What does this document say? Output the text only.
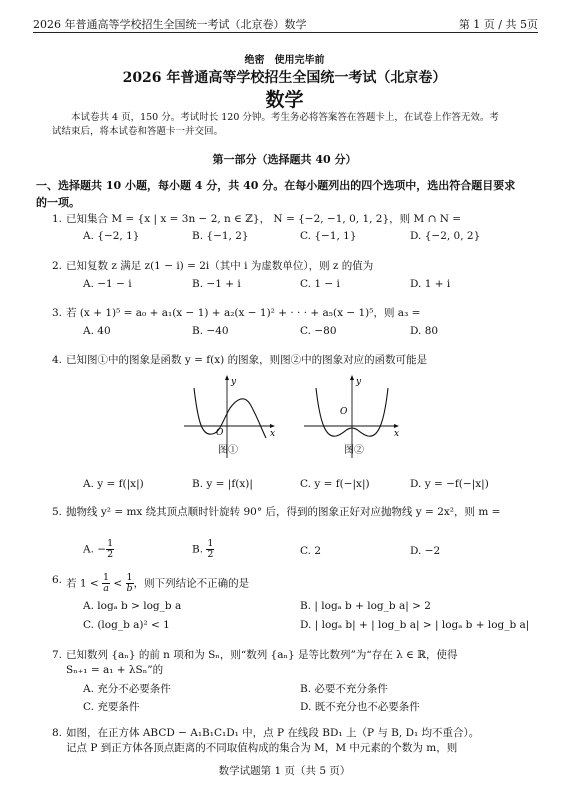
2026 年普通高等学校招生全国统一考试（北京卷）数学	第 1 页 / 共 5页
绝密　使用完毕前
2026 年普通高等学校招生全国统一考试（北京卷）
数学
本试卷共 4 页，150 分。考试时长 120 分钟。考生务必将答案答在答题卡上，在试卷上作答无效。考试结束后，将本试卷和答题卡一并交回。
第一部分（选择题共 40 分）
一、选择题共 10 小题，每小题 4 分，共 40 分。在每小题列出的四个选项中，选出符合题目要求的一项。
1. 已知集合 M = {x | x = 3n − 2, n ∈ ℤ}， N = {−2, −1, 0, 1, 2}，则 M ∩ N =
A. {−2, 1}	B. {−1, 2}	C. {−1, 1}	D. {−2, 0, 2}
2. 已知复数 z 满足 z(1 − i) = 2i（其中 i 为虚数单位），则 z 的值为
A. −1 − i	B. −1 + i	C. 1 − i	D. 1 + i
3. 若 (x + 1)⁵ = a₀ + a₁(x − 1) + a₂(x − 1)² + · · · + a₅(x − 1)⁵，则 a₃ =
A. 40	B. −40	C. −80	D. 80
4. 已知图①中的图象是函数 y = f(x) 的图象，则图②中的图象对应的函数可能是
y
x
O
图①
y
x
O
图②
A. y = f(|x|)	B. y = |f(x)|	C. y = f(−|x|)	D. y = −f(−|x|)
5. 抛物线 y² = mx 绕其顶点顺时针旋转 90° 后，得到的图象正好对应抛物线 y = 2x²，则 m =
A. − $\frac{1}{2}$	B. $\frac{1}{2}$	C. 2	D. −2
6. 若 $1 < \frac{1}{a} < \frac{1}{b}$ ，则下列结论不正确的是
A. logₐ b > log_b a	B. | logₐ b + log_b a| > 2
C. (log_b a)² < 1	D. | logₐ b| + | log_b a| > | logₐ b + log_b a|
7. 已知数列 {aₙ} 的前 n 项和为 Sₙ，则“数列 {aₙ} 是等比数列”为“存在 λ ∈ ℝ，使得
Sₙ₊₁ = a₁ + λSₙ”的
A. 充分不必要条件	B. 必要不充分条件
C. 充要条件	D. 既不充分也不必要条件
8. 如图，在正方体 ABCD − A₁B₁C₁D₁ 中，点 P 在线段 BD₁ 上（P 与 B, D₁ 均不重合）。
记点 P 到正方体各顶点距离的不同取值构成的集合为 M，M 中元素的个数为 m，则
数学试题第 1 页（共 5 页）
